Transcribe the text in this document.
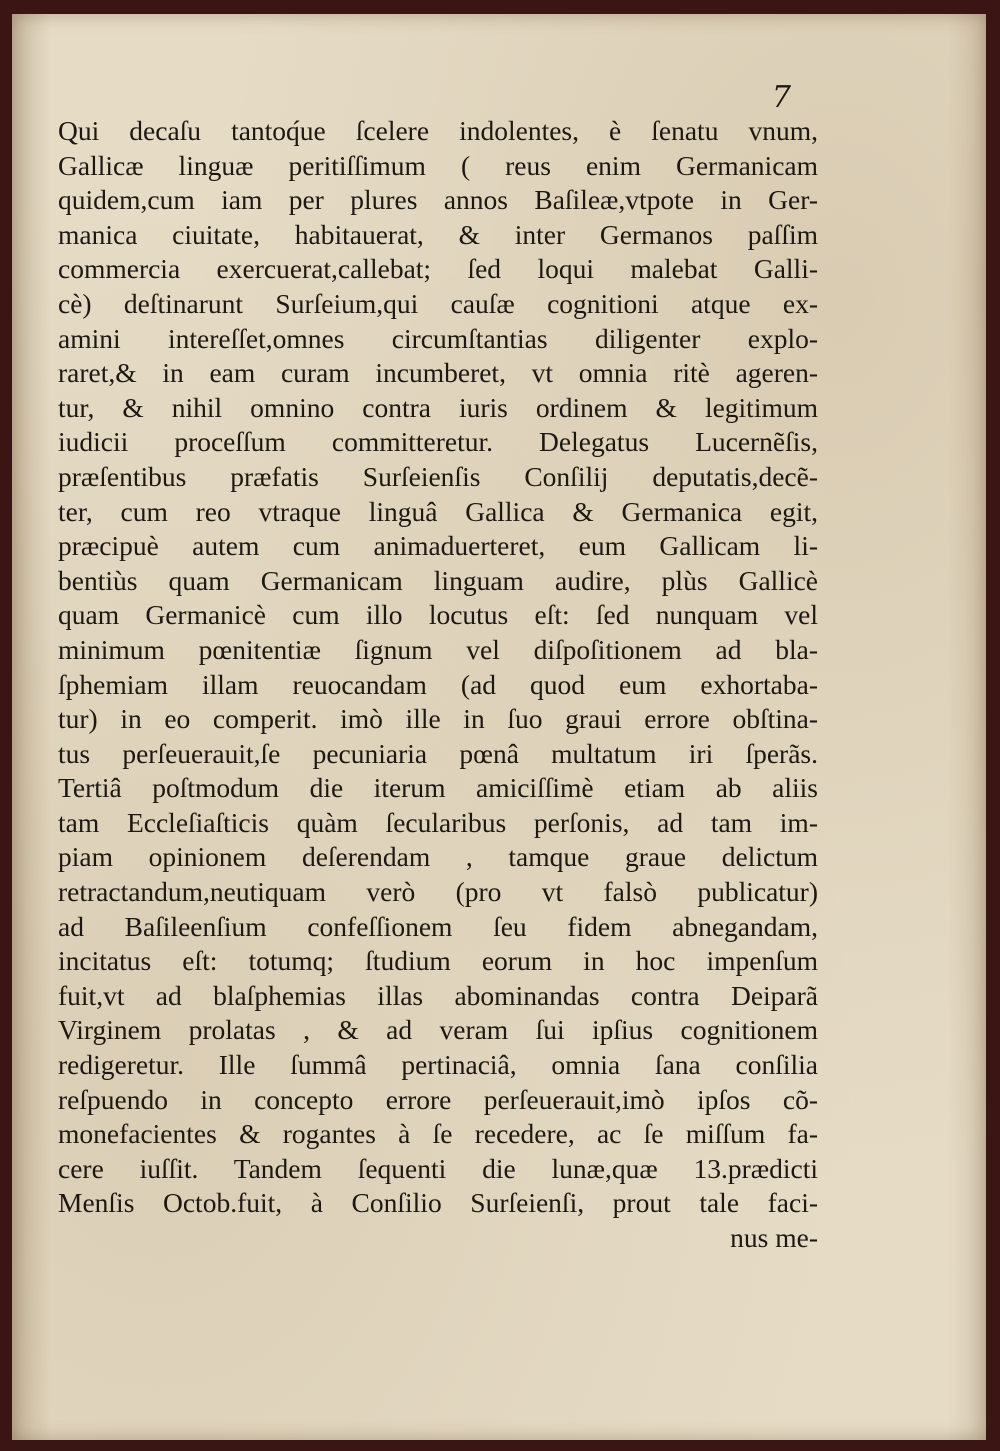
7
Qui decaſu tantoq́ue ſcelere indolentes, è ſenatu vnum,
Gallicæ linguæ peritiſſimum ( reus enim Germanicam
quidem,cum iam per plures annos Baſileæ,vtpote in Ger-
manica ciuitate, habitauerat, & inter Germanos paſſim
commercia exercuerat,callebat; ſed loqui malebat Galli-
cè) deſtinarunt Surſeium,qui cauſæ cognitioni atque ex-
amini intereſſet,omnes circumſtantias diligenter explo-
raret,& in eam curam incumberet, vt omnia ritè ageren-
tur, & nihil omnino contra iuris ordinem & legitimum
iudicii proceſſum committeretur. Delegatus Lucernẽſis,
præſentibus præfatis Surſeienſis Conſilij deputatis,decẽ-
ter, cum reo vtraque linguâ Gallica & Germanica egit,
præcipuè autem cum animaduerteret, eum Gallicam li-
bentiùs quam Germanicam linguam audire, plùs Gallicè
quam Germanicè cum illo locutus eſt: ſed nunquam vel
minimum pœnitentiæ ſignum vel diſpoſitionem ad bla-
ſphemiam illam reuocandam (ad quod eum exhortaba-
tur) in eo comperit. imò ille in ſuo graui errore obſtina-
tus perſeuerauit,ſe pecuniaria pœnâ multatum iri ſperãs.
Tertiâ poſtmodum die iterum amiciſſimè etiam ab aliis
tam Eccleſiaſticis quàm ſecularibus perſonis, ad tam im-
piam opinionem deſerendam , tamque graue delictum
retractandum,neutiquam verò (pro vt falsò publicatur)
ad Baſileenſium confeſſionem ſeu fidem abnegandam,
incitatus eſt: totumq; ſtudium eorum in hoc impenſum
fuit,vt ad blaſphemias illas abominandas contra Deiparã
Virginem prolatas , & ad veram ſui ipſius cognitionem
redigeretur. Ille ſummâ pertinaciâ, omnia ſana conſilia
reſpuendo in concepto errore perſeuerauit,imò ipſos cõ-
monefacientes & rogantes à ſe recedere, ac ſe miſſum fa-
cere iuſſit. Tandem ſequenti die lunæ,quæ 13.prædicti
Menſis Octob.fuit, à Conſilio Surſeienſi, prout tale faci-
nus me-
